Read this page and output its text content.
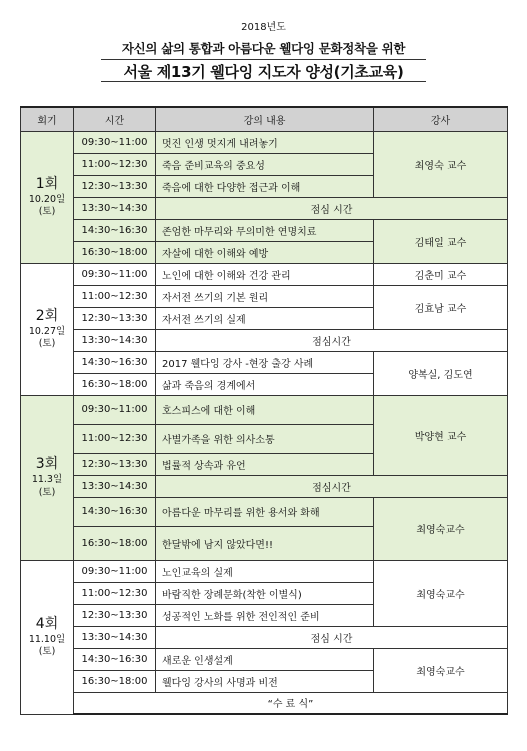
2018년도
자신의 삶의 통합과 아름다운 웰다잉 문화정착을 위한
서울 제13기 웰다잉 지도자 양성(기초교육)
회기	시간	강의 내용	강사

1회
10.20일
(토)	09:30~11:00	멋진 인생 멋지게 내려놓기	최영숙 교수
	11:00~12:30	죽음 준비교육의 중요성	
	12:30~13:30	죽음에 대한 다양한 접근과 이해	
	13:30~14:30	점심 시간	
	14:30~16:30	존엄한 마무리와 무의미한 연명치료	김태일 교수
	16:30~18:00	자살에 대한 이해와 예방	

2회
10.27일
(토)	09:30~11:00	노인에 대한 이해와 건강 관리	김춘미 교수
	11:00~12:30	자서전 쓰기의 기본 원리	김효남 교수
	12:30~13:30	자서전 쓰기의 실제	
	13:30~14:30	점심시간	
	14:30~16:30	2017 웰다잉 강사 -현장 출강 사례	양복실, 김도연
	16:30~18:00	삶과 죽음의 경계에서	

3회
11.3일
(토)	09:30~11:00	호스피스에 대한 이해	박양현 교수
	11:00~12:30	사별가족을 위한 의사소통	
	12:30~13:30	법률적 상속과 유언	
	13:30~14:30	점심시간	
	14:30~16:30	아름다운 마무리를 위한 용서와 화해	최영숙교수
	16:30~18:00	한달밖에 남지 않았다면!!	

4회
11.10일
(토)	09:30~11:00	노인교육의 실제	최영숙교수
	11:00~12:30	바람직한 장례문화(착한 이별식)	
	12:30~13:30	성공적인 노화를 위한 전인적인 준비	
	13:30~14:30	점심 시간	
	14:30~16:30	새로운 인생설계	최영숙교수
	16:30~18:00	웰다잉 강사의 사명과 비전	
	“수 료 식”		
